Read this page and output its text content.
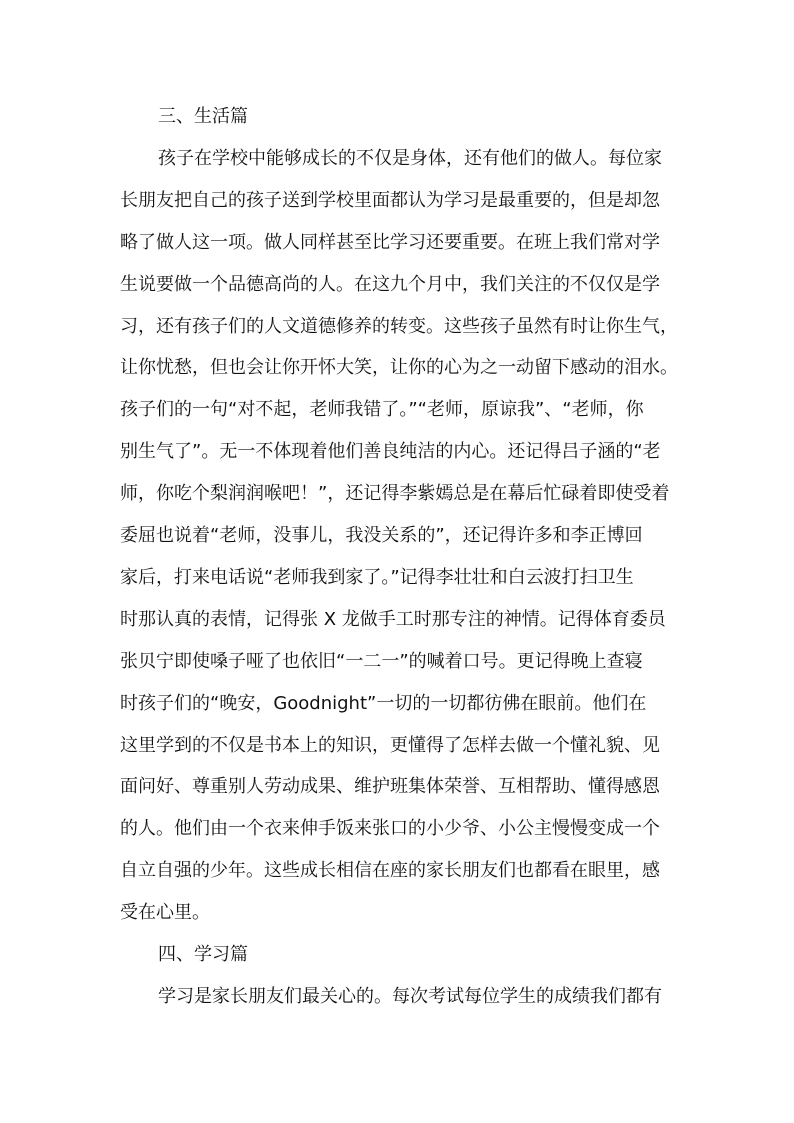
三、生活篇

孩子在学校中能够成长的不仅是身体，还有他们的做人。每位家

长朋友把自己的孩子送到学校里面都认为学习是最重要的，但是却忽

略了做人这一项。做人同样甚至比学习还要重要。在班上我们常对学

生说要做一个品德高尚的人。在这九个月中，我们关注的不仅仅是学

习，还有孩子们的人文道德修养的转变。这些孩子虽然有时让你生气，

让你忧愁，但也会让你开怀大笑，让你的心为之一动留下感动的泪水。

孩子们的一句“对不起，老师我错了。”“老师，原谅我”、“老师，你

别生气了”。无一不体现着他们善良纯洁的内心。还记得吕子涵的“老

师，你吃个梨润润喉吧！”，还记得李紫嫣总是在幕后忙碌着即使受着

委屈也说着“老师，没事儿，我没关系的”，还记得许多和李正博回

家后，打来电话说“老师我到家了。”记得李壮壮和白云波打扫卫生

时那认真的表情，记得张 X 龙做手工时那专注的神情。记得体育委员

张贝宁即使嗓子哑了也依旧“一二一”的喊着口号。更记得晚上查寝

时孩子们的“晚安，Goodnight”一切的一切都彷佛在眼前。他们在

这里学到的不仅是书本上的知识，更懂得了怎样去做一个懂礼貌、见

面问好、尊重别人劳动成果、维护班集体荣誉、互相帮助、懂得感恩

的人。他们由一个衣来伸手饭来张口的小少爷、小公主慢慢变成一个

自立自强的少年。这些成长相信在座的家长朋友们也都看在眼里，感

受在心里。

四、学习篇

学习是家长朋友们最关心的。每次考试每位学生的成绩我们都有
